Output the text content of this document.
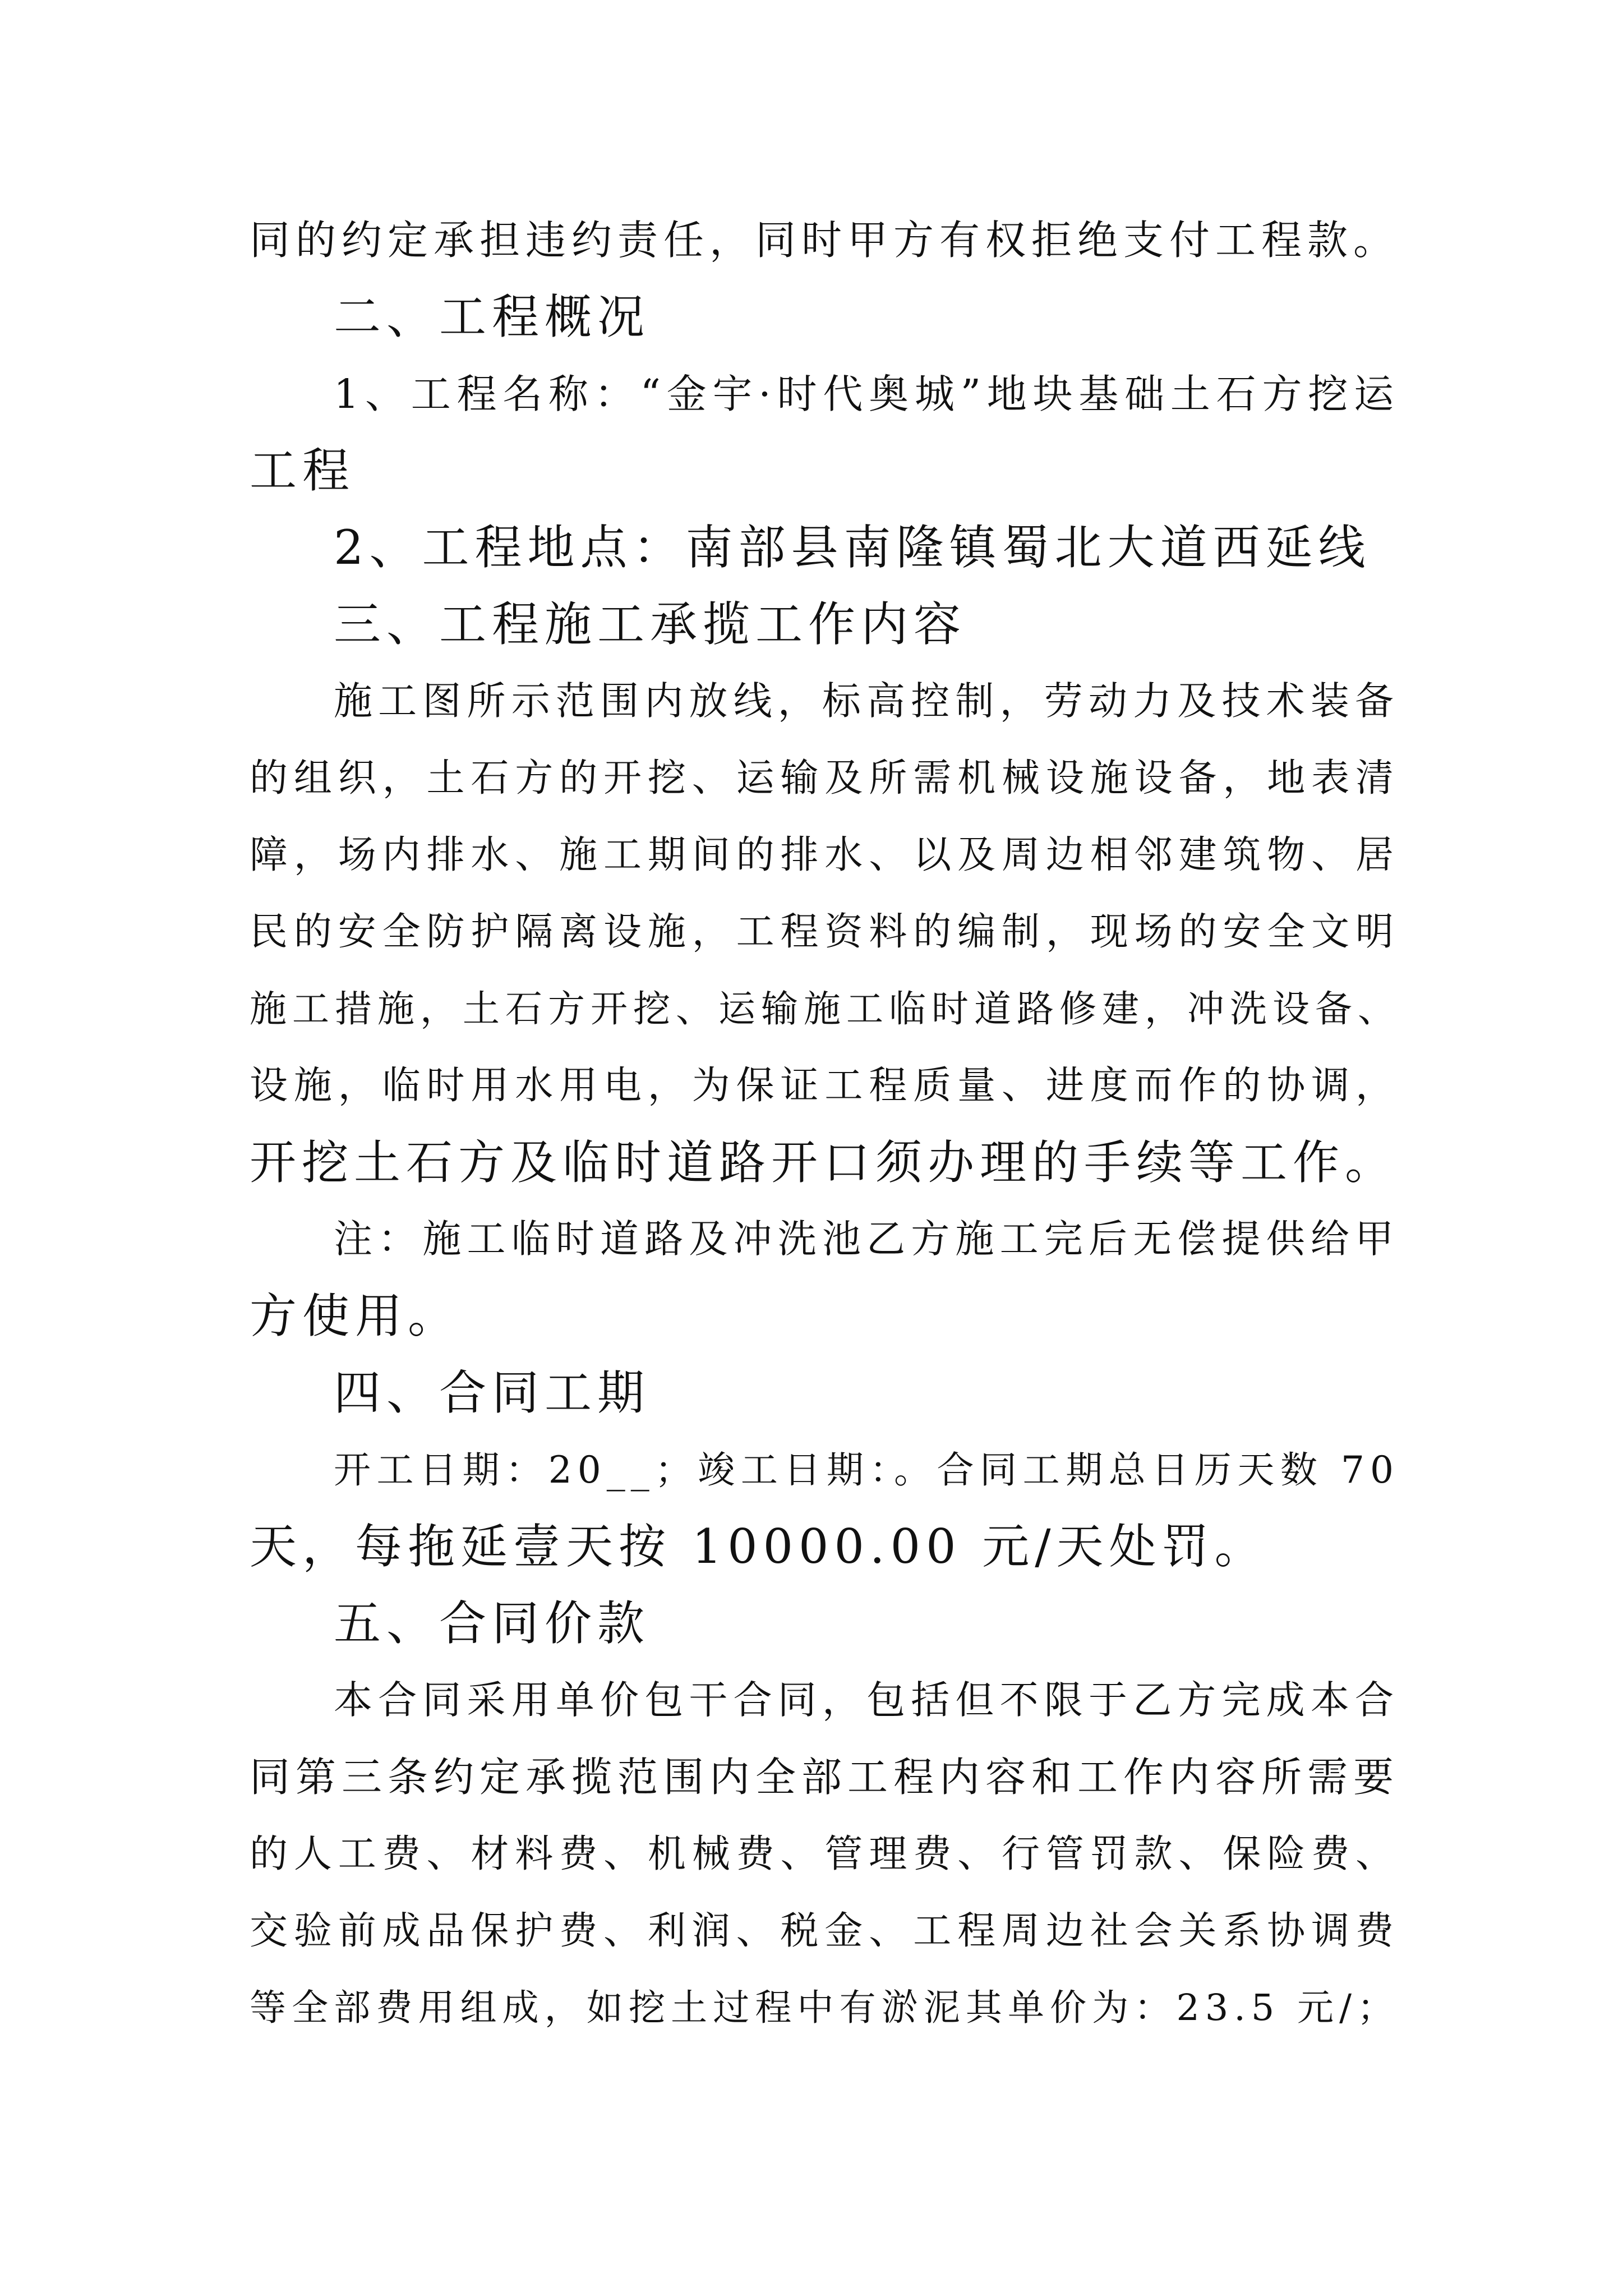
同的约定承担违约责任，同时甲方有权拒绝支付工程款。
二、工程概况
1、工程名称：“金宇·时代奥城”地块基础土石方挖运
工程
2、工程地点：南部县南隆镇蜀北大道西延线
三、工程施工承揽工作内容
施工图所示范围内放线，标高控制，劳动力及技术装备
的组织，土石方的开挖、运输及所需机械设施设备，地表清
障，场内排水、施工期间的排水、以及周边相邻建筑物、居
民的安全防护隔离设施，工程资料的编制，现场的安全文明
施工措施，土石方开挖、运输施工临时道路修建，冲洗设备、
设施，临时用水用电，为保证工程质量、进度而作的协调，
开挖土石方及临时道路开口须办理的手续等工作。
注：施工临时道路及冲洗池乙方施工完后无偿提供给甲
方使用。
四、合同工期
开工日期：20__；竣工日期：。合同工期总日历天数 70
天，每拖延壹天按 10000.00 元/天处罚。
五、合同价款
本合同采用单价包干合同，包括但不限于乙方完成本合
同第三条约定承揽范围内全部工程内容和工作内容所需要
的人工费、材料费、机械费、管理费、行管罚款、保险费、
交验前成品保护费、利润、税金、工程周边社会关系协调费
等全部费用组成，如挖土过程中有淤泥其单价为：23.5 元/；
